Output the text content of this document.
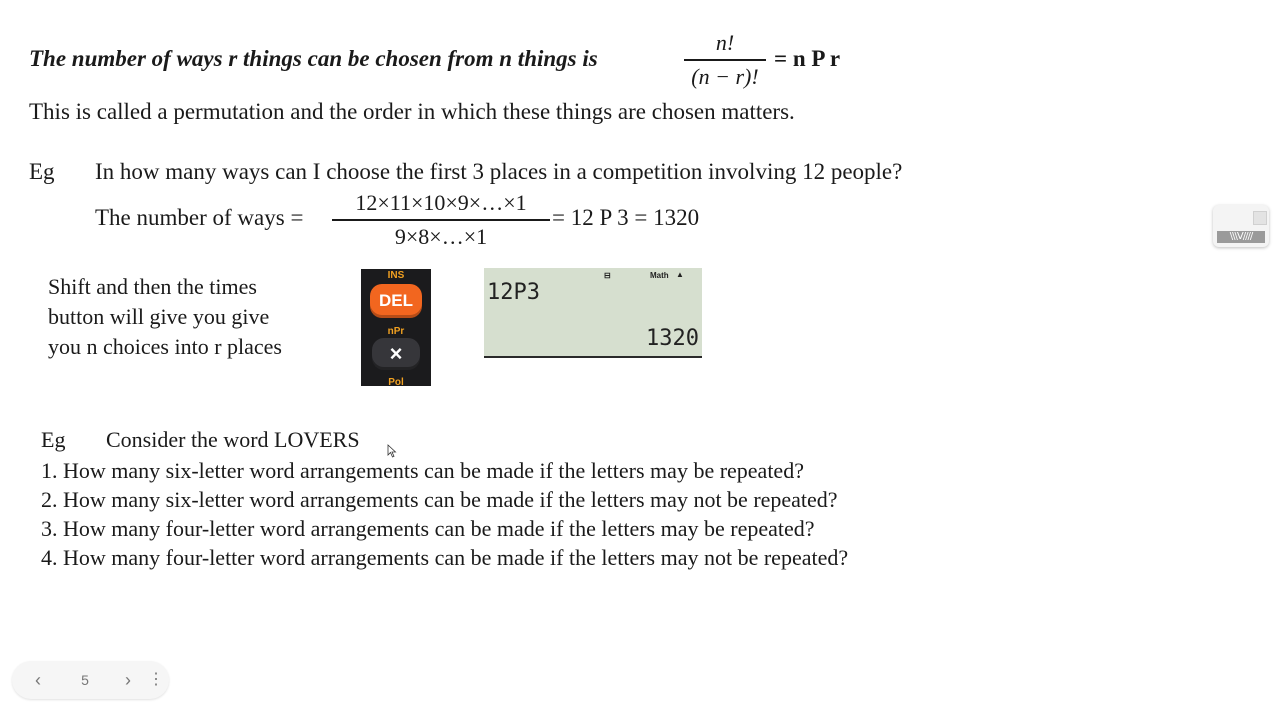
The number of ways r things can be chosen from n things is
n!
(n − r)!
= n P r
This is called a permutation and the order in which these things are chosen matters.
Eg In how many ways can I choose the first 3 places in a competition involving 12 people?
The number of ways =
12×11×10×9×…×1
9×8×…×1
= 12 P 3 = 1320
Shift and then the times
button will give you give
you n choices into r places
INS
DEL
nPr
×
Pol
12P3
⊟	Math ▲
1320
Eg Consider the word LOVERS
1. How many six-letter word arrangements can be made if the letters may be repeated?
2. How many six-letter word arrangements can be made if the letters may not be repeated?
3. How many four-letter word arrangements can be made if the letters may be repeated?
4. How many four-letter word arrangements can be made if the letters may not be repeated?
\\\V////
‹	5	›	⋮
